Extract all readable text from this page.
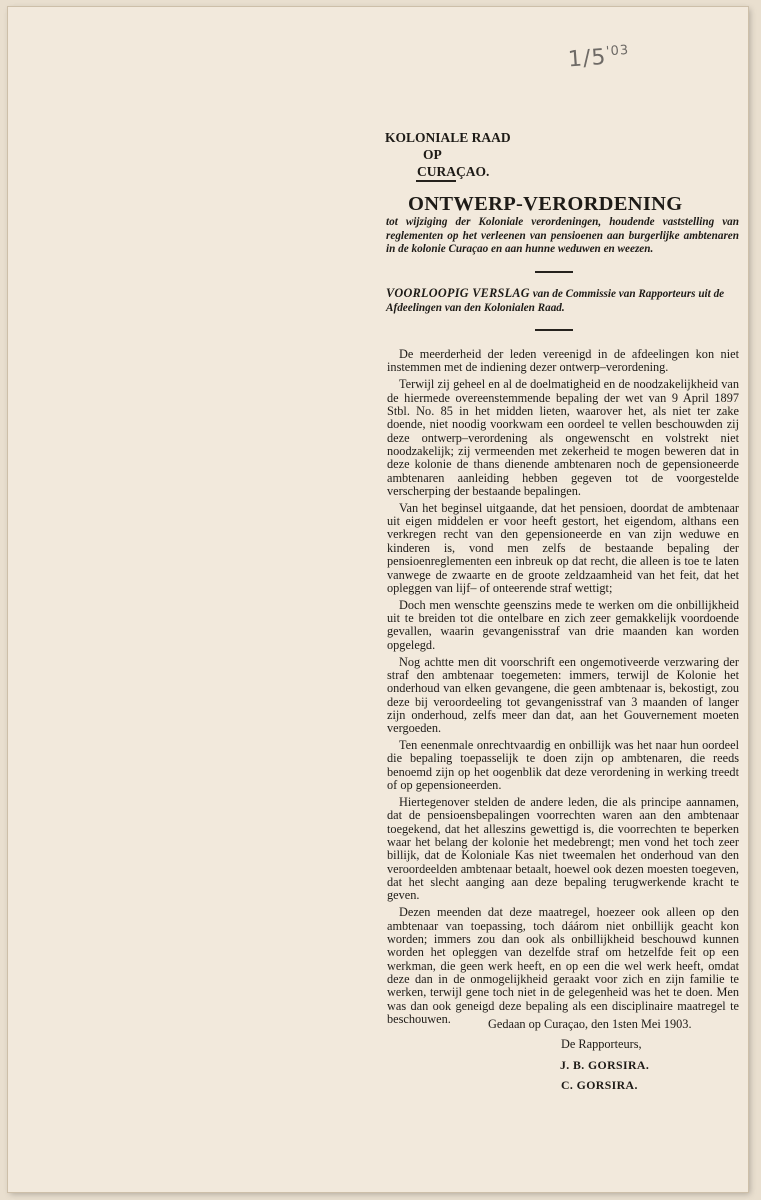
$1/5^{'03}$
KOLONIALE RAAD
OP
CURAÇAO.
ONTWERP-VERORDENING

tot wijziging der Koloniale verordeningen, houdende vaststelling van reglementen op het verleenen van pensioenen aan burgerlijke ambtenaren in de kolonie Curaçao en aan hunne weduwen en weezen.

VOORLOOPIG VERSLAG van de Commissie van Rapporteurs uit de Afdeelingen van den Kolonialen Raad.

De meerderheid der leden vereenigd in de afdeelingen kon niet instemmen met de indiening dezer ontwerp–verordening.

Terwijl zij geheel en al de doelmatigheid en de noodzakelijkheid van de hiermede overeenstemmende bepaling der wet van 9 April 1897 Stbl. No. 85 in het midden lieten, waarover het, als niet ter zake doende, niet noodig voorkwam een oordeel te vellen beschouwden zij deze ontwerp–verordening als ongewenscht en volstrekt niet noodzakelijk; zij vermeenden met zekerheid te mogen beweren dat in deze kolonie de thans dienende ambtenaren noch de gepensioneerde ambtenaren aanleiding hebben gegeven tot de voorgestelde verscherping der bestaande bepalingen.

Van het beginsel uitgaande, dat het pensioen, doordat de ambtenaar uit eigen middelen er voor heeft gestort, het eigendom, althans een verkregen recht van den gepensioneerde en van zijn weduwe en kinderen is, vond men zelfs de bestaande bepaling der pensioenreglementen een inbreuk op dat recht, die alleen is toe te laten vanwege de zwaarte en de groote zeldzaamheid van het feit, dat het opleggen van lijf– of onteerende straf wettigt;

Doch men wenschte geenszins mede te werken om die onbillijkheid uit te breiden tot die ontelbare en zich zeer gemakkelijk voordoende gevallen, waarin gevangenisstraf van drie maanden kan worden opgelegd.

Nog achtte men dit voorschrift een ongemotiveerde verzwaring der straf den ambtenaar toegemeten: immers, terwijl de Kolonie het onderhoud van elken gevangene, die geen ambtenaar is, bekostigt, zou deze bij veroordeeling tot gevangenisstraf van 3 maanden of langer zijn onderhoud, zelfs meer dan dat, aan het Gouvernement moeten vergoeden.

Ten eenenmale onrechtvaardig en onbillijk was het naar hun oordeel die bepaling toepasselijk te doen zijn op ambtenaren, die reeds benoemd zijn op het oogenblik dat deze verordening in werking treedt of op gepensioneerden.

Hiertegenover stelden de andere leden, die als principe aannamen, dat de pensioensbepalingen voorrechten waren aan den ambtenaar toegekend, dat het alleszins gewettigd is, die voorrechten te beperken waar het belang der kolonie het medebrengt; men vond het toch zeer billijk, dat de Koloniale Kas niet tweemalen het onderhoud van den veroordeelden ambtenaar betaalt, hoewel ook dezen moesten toegeven, dat het slecht aanging aan deze bepaling terugwerkende kracht te geven.

Dezen meenden dat deze maatregel, hoezeer ook alleen op den ambtenaar van toepassing, toch dáárom niet onbillijk geacht kon worden; immers zou dan ook als onbillijkheid beschouwd kunnen worden het opleggen van dezelfde straf om hetzelfde feit op een werkman, die geen werk heeft, en op een die wel werk heeft, omdat deze dan in de onmogelijkheid geraakt voor zich en zijn familie te werken, terwijl gene toch niet in de gelegenheid was het te doen. Men was dan ook geneigd deze bepaling als een disciplinaire maatregel te beschouwen.	Gedaan op Curaçao, den 1sten Mei 1903.
De Rapporteurs,
J. B. GORSIRA.
C. GORSIRA.
